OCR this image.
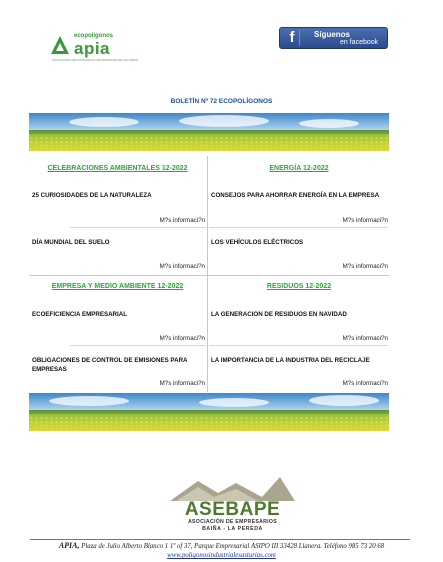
ecopolígonos
apia
ASOCIACIÓN DE POLÍGONOS INDUSTRIALES DE ASTURIAS
f	Síguenos
en facebook
BOLETÍN Nº 72 ECOPOLÍGONOS
CELEBRACIONES AMBIENTALES 12-2022
25 CURIOSIDADES DE LA NATURALEZA
M?s informaci?n
DÍA MUNDIAL DEL SUELO
M?s informaci?n
ENERGÍA 12-2022
CONSEJOS PARA AHORRAR ENERGÍA EN LA EMPRESA
M?s informaci?n
LOS VEHÍCULOS ELÉCTRICOS
M?s informaci?n
EMPRESA Y MEDIO AMBIENTE 12-2022
ECOEFICIENCIA EMPRESARIAL
M?s informaci?n
OBLIGACIONES DE CONTROL DE EMISIONES PARA EMPRESAS
M?s informaci?n
RESIDUOS 12-2022
LA GENERACION DE RESIDUOS EN NAVIDAD
M?s informaci?n
LA IMPORTANCIA DE LA INDUSTRIA DEL RECICLAJE
M?s informaci?n
ASEBAPE
ASOCIACIÓN DE EMPRESARIOS
BAIÑA - LA PEREDA
APIA, Plaza de Julio Alberto Blanco 1 1º of 37, Parque Empresarial ASIPO III 33428 Llanera. Teléfono 985 73 20 68
www.poligonosindustrialesasturias.com
